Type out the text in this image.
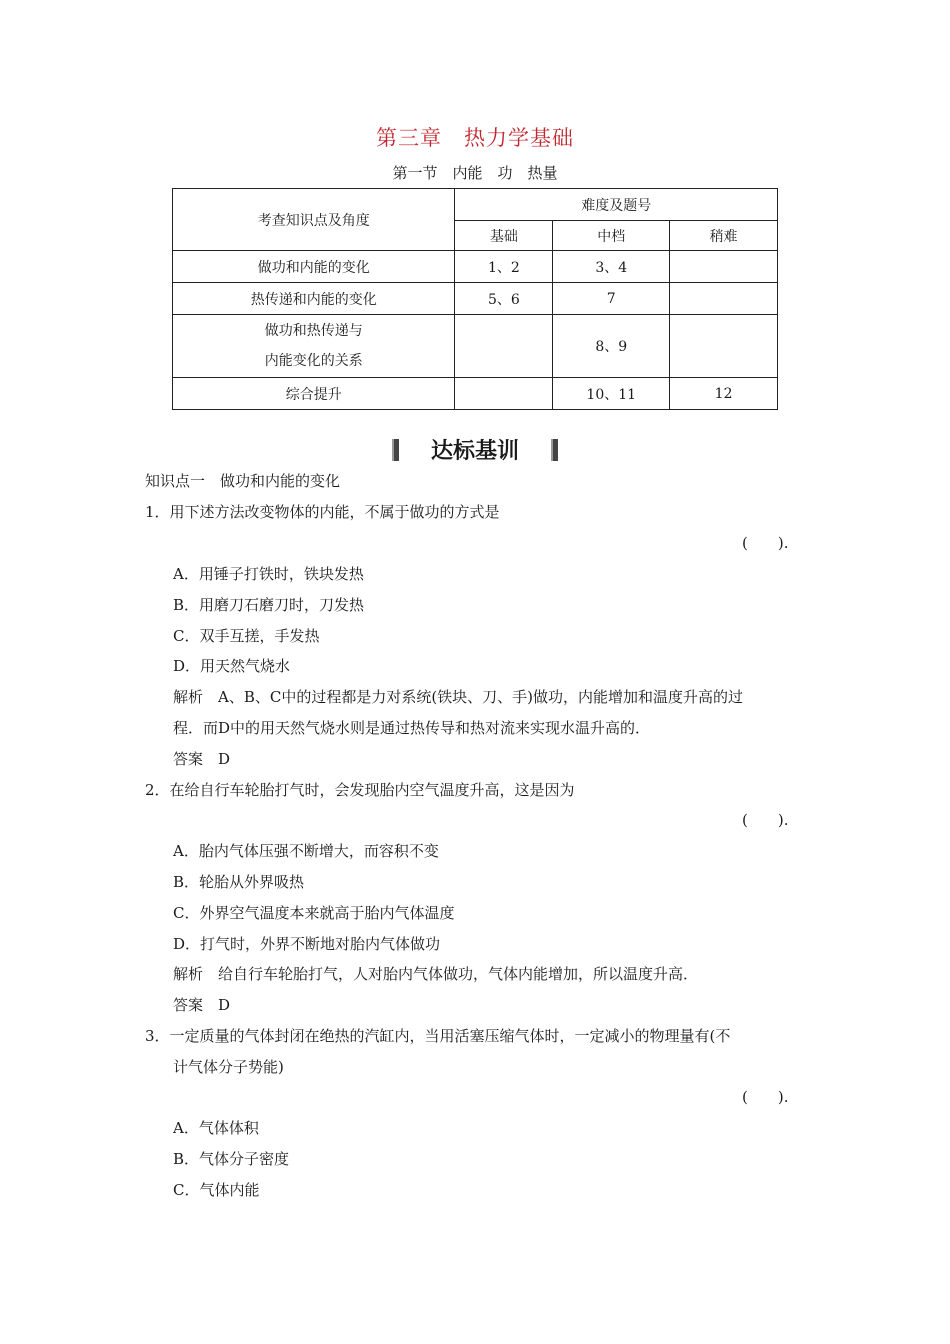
第三章　热力学基础
第一节　内能　功　热量
考查知识点及角度	难度及题号		
	基础	中档	稍难
做功和内能的变化	1、2	3、4	
热传递和内能的变化	5、6	7	

做功和热传递与
内能变化的关系		8、9	
综合提升		10、11	12
达标基训
知识点一　做功和内能的变化
1．用下述方法改变物体的内能，不属于做功的方式是
(　　).
A．用锤子打铁时，铁块发热
B．用磨刀石磨刀时，刀发热
C．双手互搓，手发热
D．用天然气烧水
解析　A、B、C中的过程都是力对系统(铁块、刀、手)做功，内能增加和温度升高的过
程．而D中的用天然气烧水则是通过热传导和热对流来实现水温升高的．
答案　D
2．在给自行车轮胎打气时，会发现胎内空气温度升高，这是因为
(　　).
A．胎内气体压强不断增大，而容积不变
B．轮胎从外界吸热
C．外界空气温度本来就高于胎内气体温度
D．打气时，外界不断地对胎内气体做功
解析　给自行车轮胎打气，人对胎内气体做功，气体内能增加，所以温度升高．
答案　D
3．一定质量的气体封闭在绝热的汽缸内，当用活塞压缩气体时，一定减小的物理量有(不
计气体分子势能)
(　　).
A．气体体积
B．气体分子密度
C．气体内能
